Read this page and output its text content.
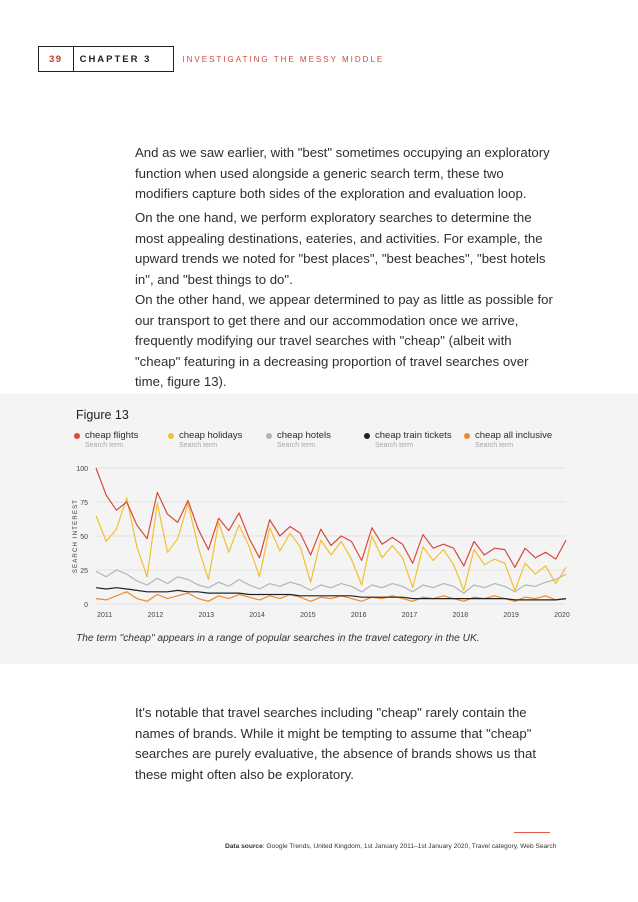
39	CHAPTER 3	INVESTIGATING THE MESSY MIDDLE

And as we saw earlier, with "best" sometimes occupying an exploratory function when used alongside a generic search term, these two modifiers capture both sides of the exploration and evaluation loop.

On the one hand, we perform exploratory searches to determine the most appealing destinations, eateries, and activities. For example, the upward trends we noted for "best places", "best beaches", "best hotels in", and "best things to do".

On the other hand, we appear determined to pay as little as possible for our transport to get there and our accommodation once we arrive, frequently modifying our travel searches with "cheap" (albeit with "cheap" featuring in a decreasing proportion of travel searches over time, figure 13).

Figure 13
cheap flights
Search term
cheap holidays
Search term
cheap hotels
Search term
cheap train tickets
Search term
cheap all inclusive
Search term
0
25
50
75
100
2011	2012	2013	2014	2015	2016	2017	2018	2019	2020
SEARCH INTEREST
The term "cheap" appears in a range of popular searches in the travel category in the UK.

It's notable that travel searches including "cheap" rarely contain the names of brands. While it might be tempting to assume that "cheap" searches are purely evaluative, the absence of brands shows us that these might often also be exploratory.

Data source: Google Trends, United Kingdom, 1st January 2011–1st January 2020, Travel category, Web Search
